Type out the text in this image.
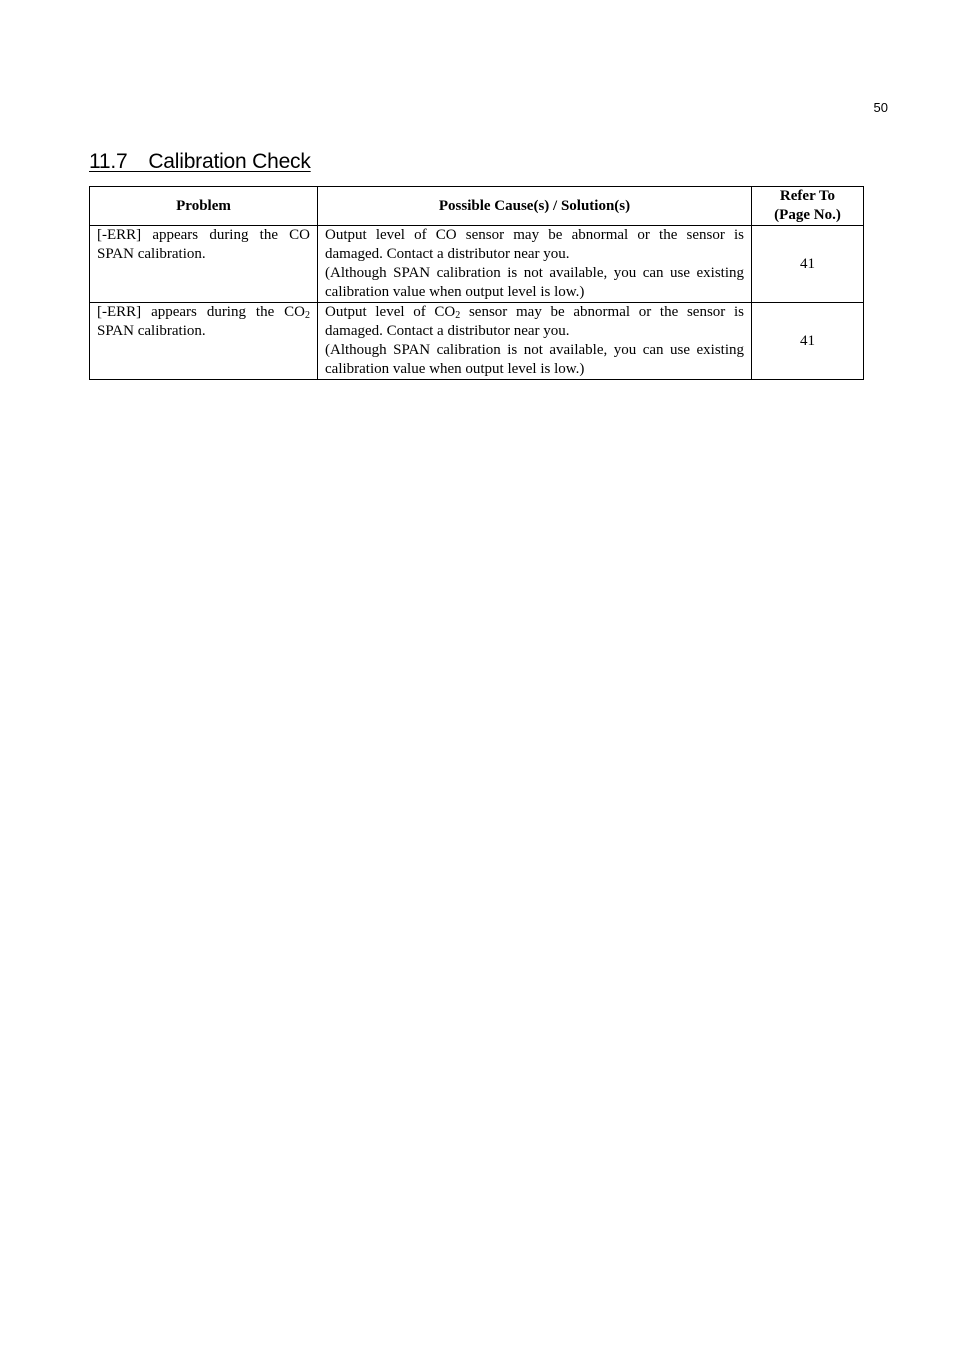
50
11.7　Calibration Check
Problem	Possible Cause(s) / Solution(s)	Refer To
(Page No.)

[-ERR] appears during the CO SPAN calibration.	Output level of CO sensor may be abnormal or the sensor is damaged. Contact a distributor near you.
(Although SPAN calibration is not available, you can use existing calibration value when output level is low.)	41

[-ERR] appears during the $CO_2$ SPAN calibration.	Output level of $CO_2$ sensor may be abnormal or the sensor is damaged. Contact a distributor near you.
(Although SPAN calibration is not available, you can use existing calibration value when output level is low.)	41
